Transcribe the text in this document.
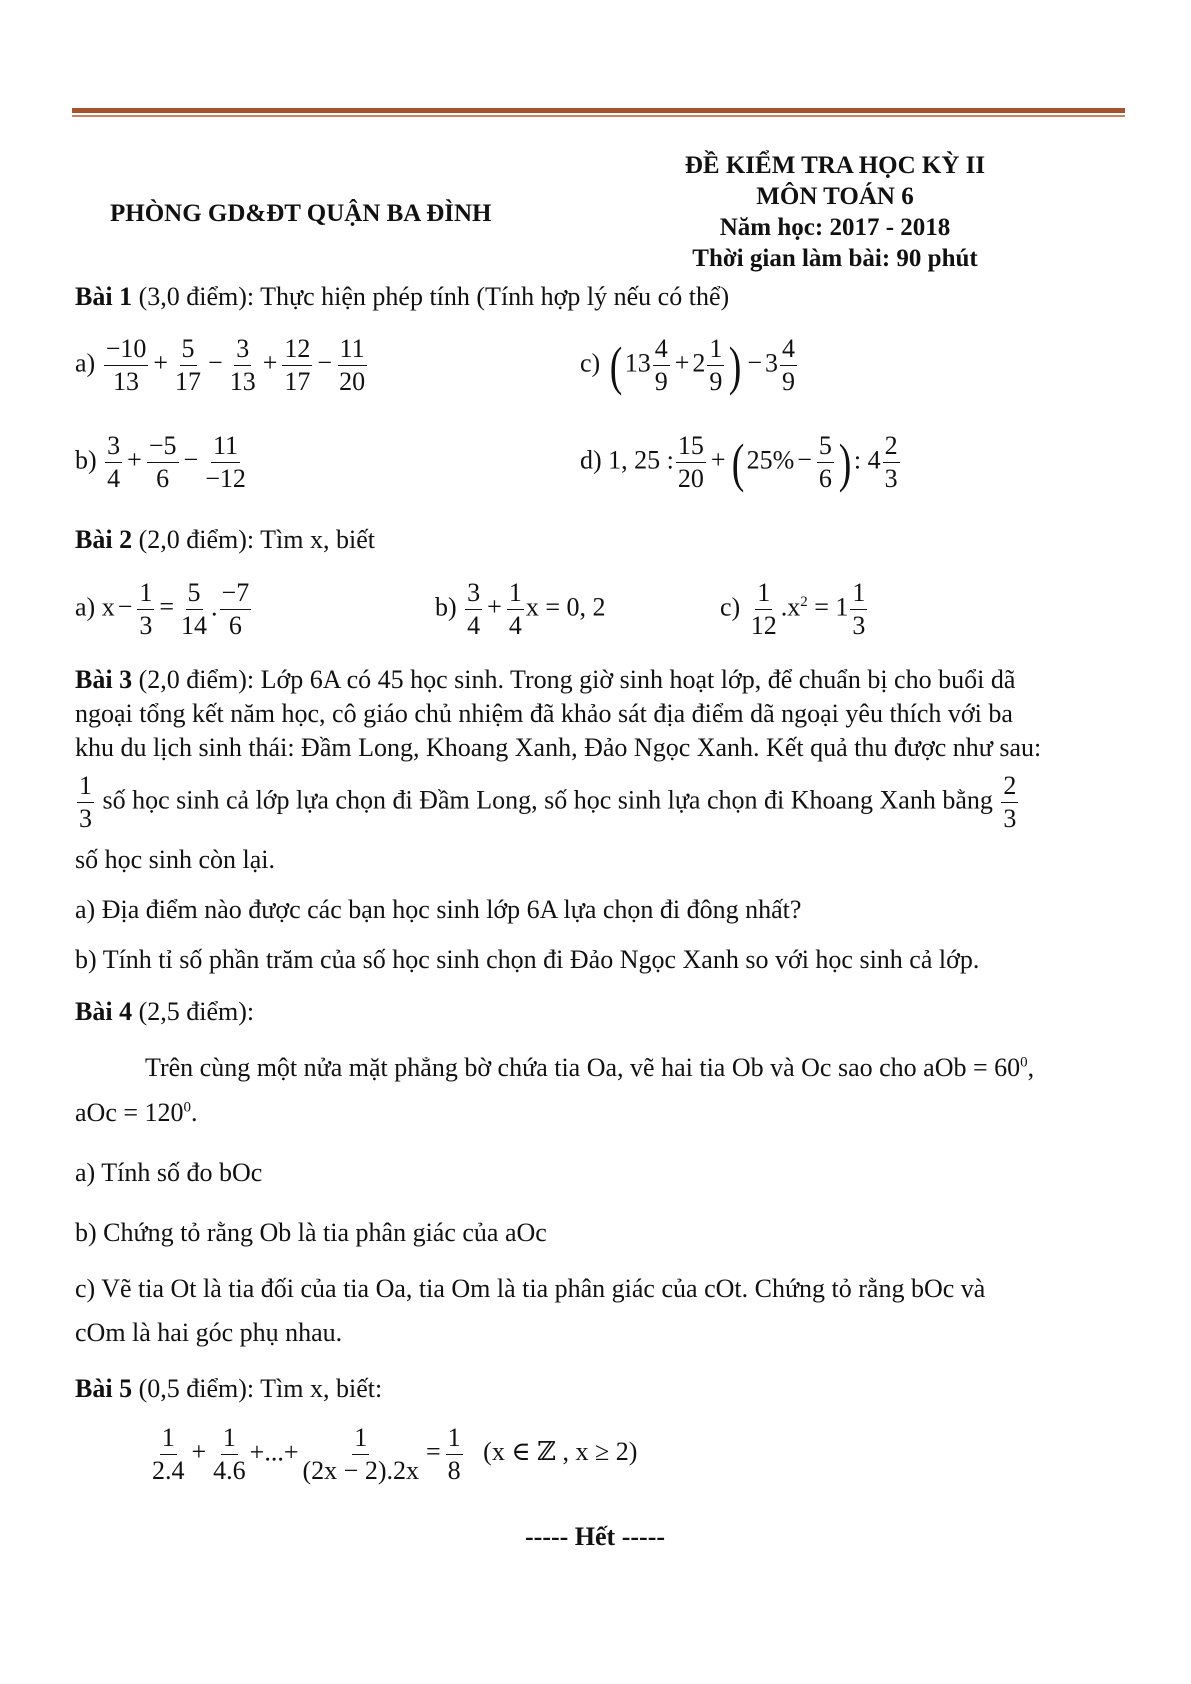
PHÒNG GD&ĐT QUẬN BA ĐÌNH
ĐỀ KIỂM TRA HỌC KỲ II
MÔN TOÁN 6
Năm học: 2017 - 2018
Thời gian làm bài: 90 phút
Bài 1 (3,0 điểm): Thực hiện phép tính (Tính hợp lý nếu có thể)
$a) \frac{-10}{13} + \frac{5}{17} - \frac{3}{13} + \frac{12}{17} - \frac{11}{20}$	c) ( $13 \frac{4}{9} + 2 \frac{1}{9}$ ) − $3 \frac{4}{9}$
$b) \frac{3}{4} + \frac{-5}{6} - \frac{11}{-12}$	d) 1, 25 : $\frac{15}{20}$ + ( $25\% - \frac{5}{6}$ ) : $4 \frac{2}{3}$
Bài 2 (2,0 điểm): Tìm x, biết
a) $x - \frac{1}{3} = \frac{5}{14}$ . $\frac{-7}{6}$	$b) \frac{3}{4} + \frac{1}{4}$ x = 0, 2	$c) \frac{1}{12} .x^2 = 1 \frac{1}{3}$
Bài 3 (2,0 điểm): Lớp 6A có 45 học sinh. Trong giờ sinh hoạt lớp, để chuẩn bị cho buổi dã
ngoại tổng kết năm học, cô giáo chủ nhiệm đã khảo sát địa điểm dã ngoại yêu thích với ba
khu du lịch sinh thái: Đầm Long, Khoang Xanh, Đảo Ngọc Xanh. Kết quả thu được như sau:
$\frac{1}{3}$ số học sinh cả lớp lựa chọn đi Đầm Long, số học sinh lựa chọn đi Khoang Xanh bằng $\frac{2}{3}$
số học sinh còn lại.
a) Địa điểm nào được các bạn học sinh lớp 6A lựa chọn đi đông nhất?
b) Tính tỉ số phần trăm của số học sinh chọn đi Đảo Ngọc Xanh so với học sinh cả lớp.
Bài 4 (2,5 điểm):
Trên cùng một nửa mặt phẳng bờ chứa tia Oa, vẽ hai tia Ob và Oc sao cho aOb = $60^0$,
aOc = $120^0$.
a) Tính số đo bOc
b) Chứng tỏ rằng Ob là tia phân giác của aOc
c) Vẽ tia Ot là tia đối của tia Oa, tia Om là tia phân giác của cOt. Chứng tỏ rằng bOc và
cOm là hai góc phụ nhau.
Bài 5 (0,5 điểm): Tìm x, biết:
$\frac{1}{2.4} + \frac{1}{4.6}$ +...+ $\frac{1}{(2x - 2).2x} = \frac{1}{8} (x$ ∈ ℤ , x ≥ 2)
----- Hết -----
